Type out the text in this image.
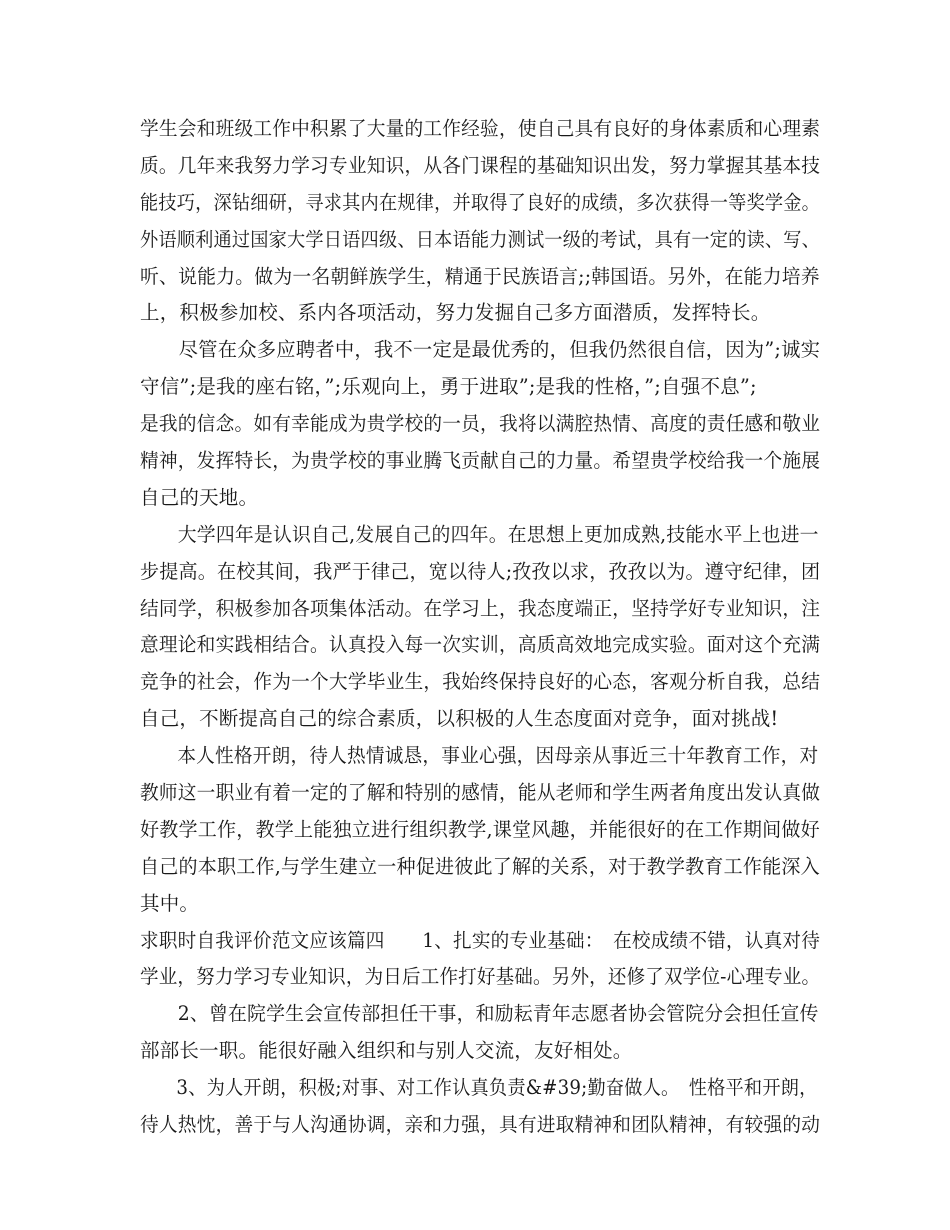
学生会和班级工作中积累了大量的工作经验，使自己具有良好的身体素质和心理素
质。几年来我努力学习专业知识，从各门课程的基础知识出发，努力掌握其基本技
能技巧，深钻细研，寻求其内在规律，并取得了良好的成绩，多次获得一等奖学金。
外语顺利通过国家大学日语四级、日本语能力测试一级的考试，具有一定的读、写、
听、说能力。做为一名朝鲜族学生，精通于民族语言;;韩国语。另外，在能力培养
上，积极参加校、系内各项活动，努力发掘自己多方面潜质，发挥特长。
尽管在众多应聘者中，我不一定是最优秀的，但我仍然很自信，因为”;诚实
守信”;是我的座右铭，”;乐观向上，勇于进取”;是我的性格，”;自强不息”;
是我的信念。如有幸能成为贵学校的一员，我将以满腔热情、高度的责任感和敬业
精神，发挥特长，为贵学校的事业腾飞贡献自己的力量。希望贵学校给我一个施展
自己的天地。
大学四年是认识自己,发展自己的四年。在思想上更加成熟,技能水平上也进一
步提高。在校其间，我严于律己，宽以待人;孜孜以求，孜孜以为。遵守纪律，团
结同学，积极参加各项集体活动。在学习上，我态度端正，坚持学好专业知识，注
意理论和实践相结合。认真投入每一次实训，高质高效地完成实验。面对这个充满
竞争的社会，作为一个大学毕业生，我始终保持良好的心态，客观分析自我，总结
自己，不断提高自己的综合素质，以积极的人生态度面对竞争，面对挑战!
本人性格开朗，待人热情诚恳，事业心强，因母亲从事近三十年教育工作，对
教师这一职业有着一定的了解和特别的感情，能从老师和学生两者角度出发认真做
好教学工作，教学上能独立进行组织教学,课堂风趣，并能很好的在工作期间做好
自己的本职工作,与学生建立一种促进彼此了解的关系，对于教学教育工作能深入
其中。
求职时自我评价范文应该篇四　　1、扎实的专业基础：　在校成绩不错，认真对待
学业，努力学习专业知识，为日后工作打好基础。另外，还修了双学位-心理专业。
2、曾在院学生会宣传部担任干事，和励耘青年志愿者协会管院分会担任宣传
部部长一职。能很好融入组织和与别人交流，友好相处。
3、为人开朗，积极;对事、对工作认真负责&#39;勤奋做人。　性格平和开朗，
待人热忱，善于与人沟通协调，亲和力强，具有进取精神和团队精神，有较强的动
